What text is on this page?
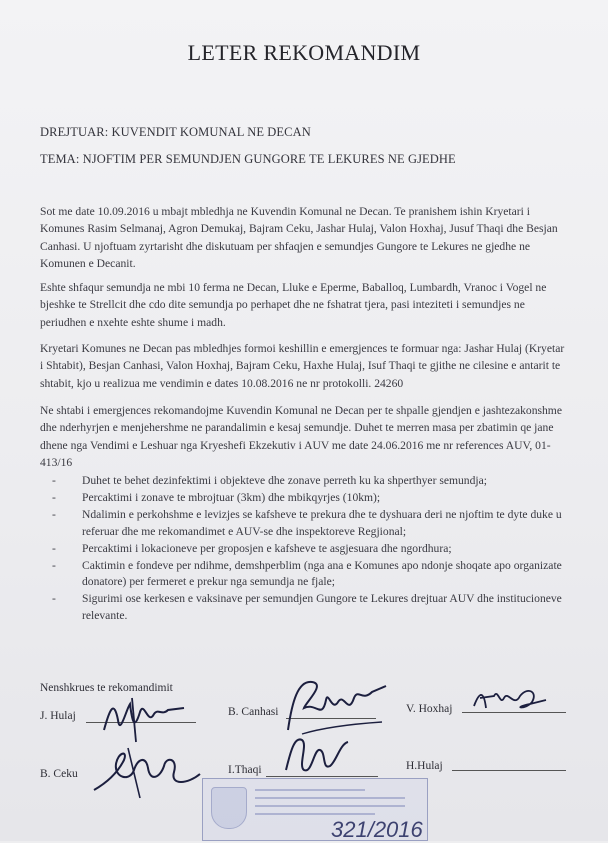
LETER REKOMANDIM
DREJTUAR: KUVENDIT KOMUNAL NE DECAN
TEMA: NJOFTIM PER SEMUNDJEN GUNGORE TE LEKURES NE GJEDHE
Sot me date 10.09.2016 u mbajt mbledhja ne Kuvendin Komunal ne Decan. Te pranishem ishin Kryetari i Komunes Rasim Selmanaj, Agron Demukaj, Bajram Ceku, Jashar Hulaj, Valon Hoxhaj, Jusuf Thaqi dhe Besjan Canhasi. U njoftuam zyrtarisht dhe diskutuam per shfaqjen e semundjes Gungore te Lekures ne gjedhe ne Komunen e Decanit.
Eshte shfaqur semundja ne mbi 10 ferma ne Decan, Lluke e Eperme, Baballoq, Lumbardh, Vranoc i Vogel ne bjeshke te Strellcit dhe cdo dite semundja po perhapet dhe ne fshatrat tjera, pasi inteziteti i semundjes ne periudhen e nxehte eshte shume i madh.
Kryetari Komunes ne Decan pas mbledhjes formoi keshillin e emergjences te formuar nga: Jashar Hulaj (Kryetar i Shtabit), Besjan Canhasi, Valon Hoxhaj, Bajram Ceku, Haxhe Hulaj, Isuf Thaqi te gjithe ne cilesine e antarit te shtabit, kjo u realizua me vendimin e dates 10.08.2016 ne nr protokolli. 24260
Ne shtabi i emergjences rekomandojme Kuvendin Komunal ne Decan per te shpalle gjendjen e jashtezakonshme dhe nderhyrjen e menjehershme ne parandalimin e kesaj semundje. Duhet te merren masa per zbatimin qe jane dhene nga Vendimi e Leshuar nga Kryeshefi Ekzekutiv i AUV me date 24.06.2016 me nr references AUV, 01-413/16
- Duhet te behet dezinfektimi i objekteve dhe zonave perreth ku ka shperthyer semundja;
- Percaktimi i zonave te mbrojtuar (3km) dhe mbikqyrjes (10km);
- Ndalimin e perkohshme e levizjes se kafsheve te prekura dhe te dyshuara deri ne njoftim te dyte duke u referuar dhe me rekomandimet e AUV-se dhe inspektoreve Regjional;
- Percaktimi i lokacioneve per groposjen e kafsheve te asgjesuara dhe ngordhura;
- Caktimin e fondeve per ndihme, demshperblim (nga ana e Komunes apo ndonje shoqate apo organizate donatore) per fermeret e prekur nga semundja ne fjale;
- Sigurimi ose kerkesen e vaksinave per semundjen Gungore te Lekures drejtuar AUV dhe institucioneve relevante.
Nenshkrues te rekomandimit
J. Hulaj	B. Canhasi	V. Hoxhaj
B. Ceku	I.Thaqi	H.Hulaj
321/2016
